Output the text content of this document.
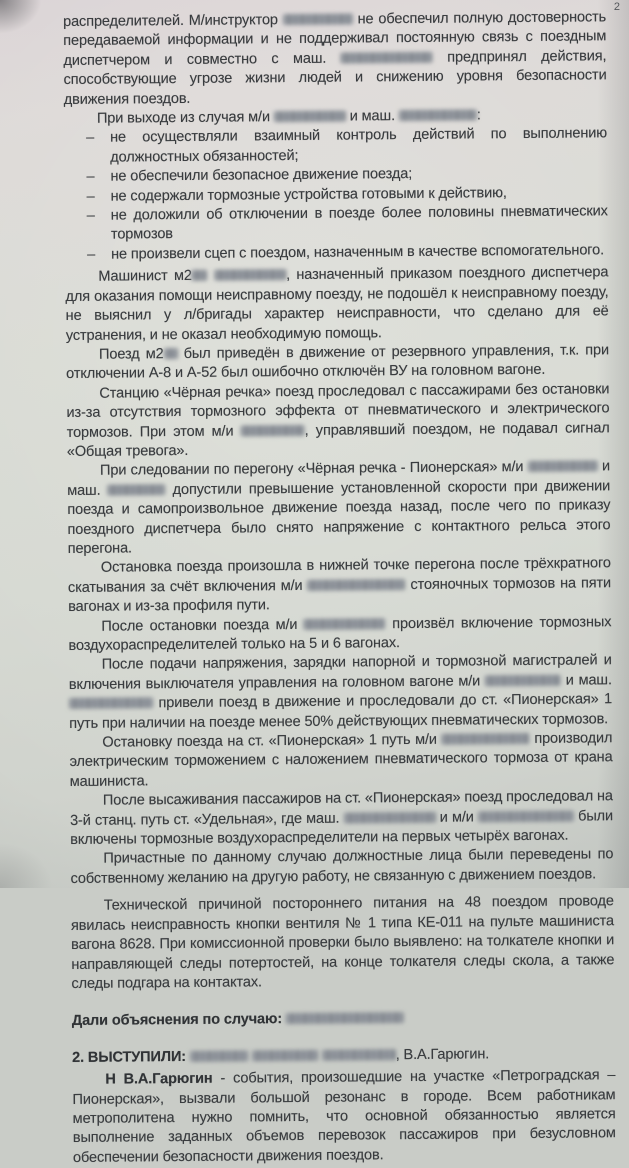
2

распределителей. М/инструктор	не обеспечил полную достоверность передаваемой информации и не поддерживал постоянную связь с поездным диспетчером и совместно с маш.	предпринял действия, способствующие угрозе жизни людей и снижению уровня безопасности движения поездов.

При выходе из случая м/и	и маш.	:

–	не осуществляли взаимный контроль действий по выполнению должностных обязанностей;
–	не обеспечили безопасное движение поезда;
–	не содержали тормозные устройства готовыми к действию,
–	не доложили об отключении в поезде более половины пневматических тормозов
–	не произвели сцеп с поездом, назначенным в качестве вспомогательного.

Машинист м2	, назначенный приказом поездного диспетчера для оказания помощи неисправному поезду, не подошёл к неисправному поезду, не выяснил у л/бригады характер неисправности, что сделано для её устранения, и не оказал необходимую помощь.

Поезд м2 был приведён в движение от резервного управления, т.к. при отключении А-8 и А-52 был ошибочно отключён ВУ на головном вагоне.

Станцию «Чёрная речка» поезд проследовал с пассажирами без остановки из-за отсутствия тормозного эффекта от пневматического и электрического тормозов. При этом м/и	, управлявший поездом, не подавал сигнал «Общая тревога».

При следовании по перегону «Чёрная речка - Пионерская» м/и	и маш.	допустили превышение установленной скорости при движении поезда и самопроизвольное движение поезда назад, после чего по приказу поездного диспетчера было снято напряжение с контактного рельса этого перегона.

Остановка поезда произошла в нижней точке перегона после трёхкратного скатывания за счёт включения м/и	стояночных тормозов на пяти вагонах и из-за профиля пути.

После остановки поезда м/и	произвёл включение тормозных воздухораспределителей только на 5 и 6 вагонах.

После подачи напряжения, зарядки напорной и тормозной магистралей и включения выключателя управления на головном вагоне м/и	и маш.  привели поезд в движение и проследовали до ст. «Пионерская» 1 путь при наличии на поезде менее 50% действующих пневматических тормозов.

Остановку поезда на ст. «Пионерская» 1 путь м/и	производил электрическим торможением с наложением пневматического тормоза от крана машиниста.

После высаживания пассажиров на ст. «Пионерская» поезд проследовал на 3-й станц. путь ст. «Удельная», где маш.	и м/и	были включены тормозные воздухораспределители на первых четырёх вагонах.

Причастные по данному случаю должностные лица были переведены по собственному желанию на другую работу, не связанную с движением поездов.

Технической причиной постороннего питания на 48 поездом проводе явилась неисправность кнопки вентиля № 1 типа КЕ-011 на пульте машиниста вагона 8628. При комиссионной проверки было выявлено: на толкателе кнопки и направляющей следы потертостей, на конце толкателя следы скола, а также следы подгара на контактах.

Дали объяснения по случаю:

2. ВЫСТУПИЛИ:	, В.А.Гарюгин.

Н В.А.Гарюгин - события, произошедшие на участке «Петроградская – Пионерская», вызвали большой резонанс в городе. Всем работникам метрополитена нужно помнить, что основной обязанностью является выполнение заданных объемов перевозок пассажиров при безусловном обеспечении безопасности движения поездов.
